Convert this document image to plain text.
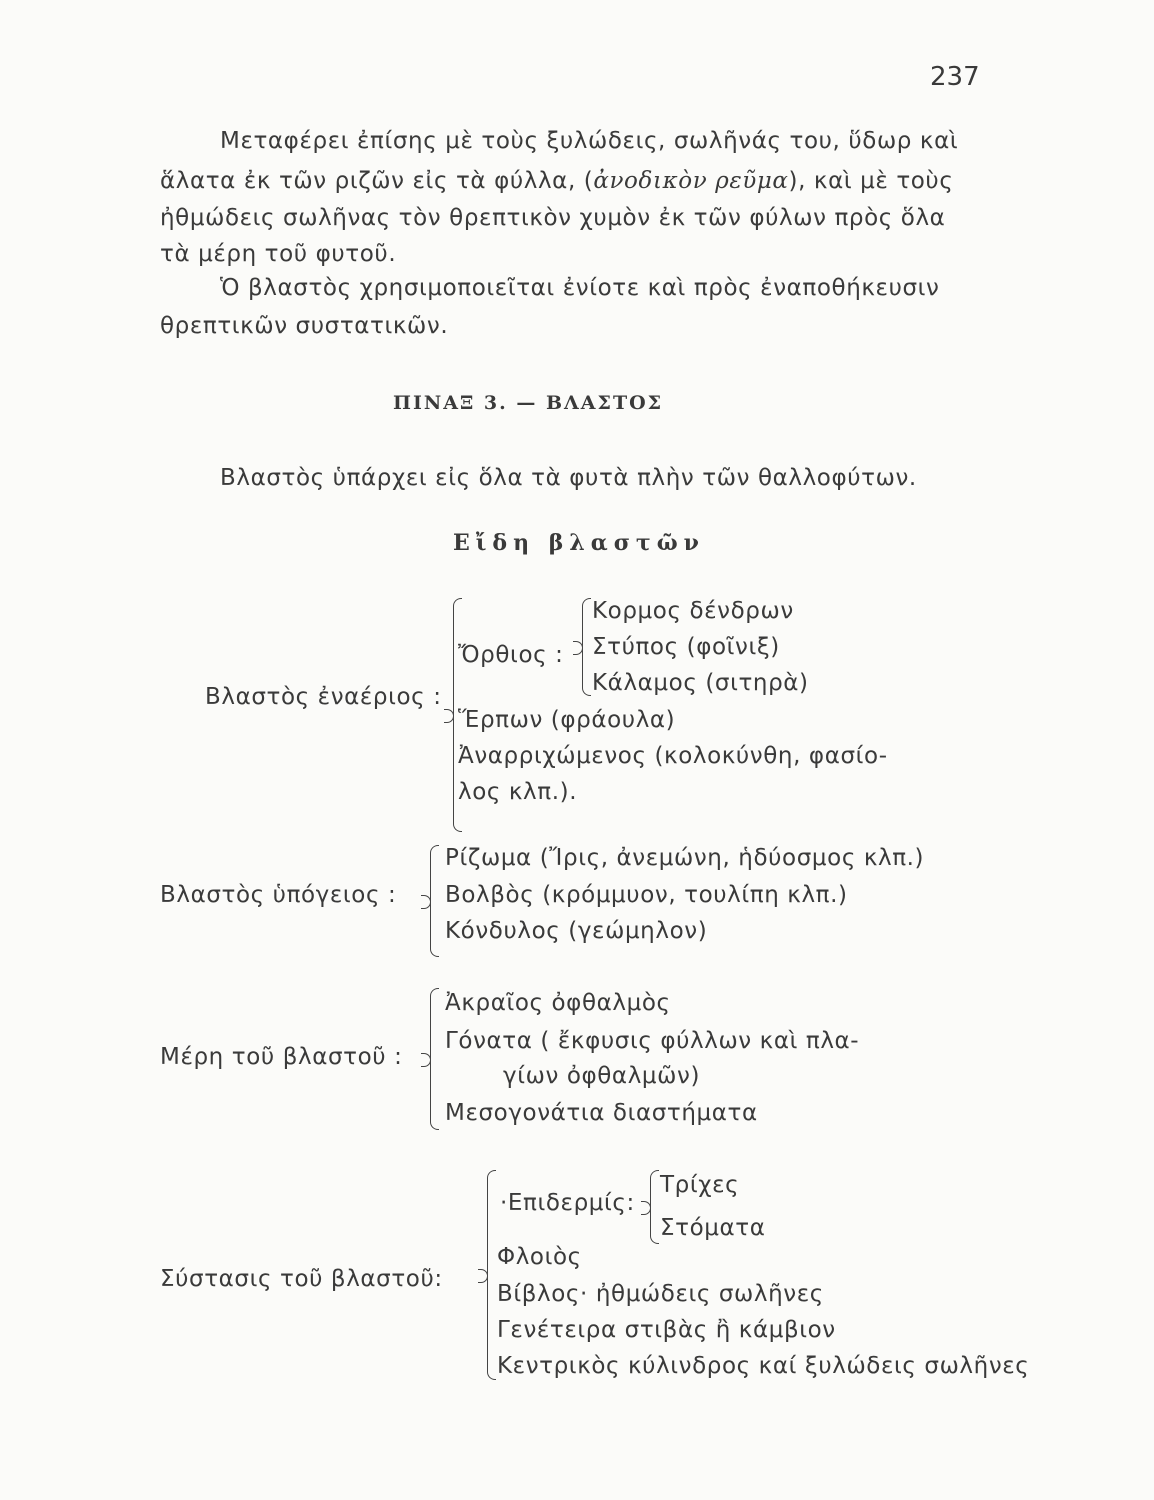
237
Μεταφέρει ἐπίσης μὲ τοὺς ξυλώδεις, σωλῆνάς του, ὕδωρ καὶ
ἅλατα ἐκ τῶν ριζῶν εἰς τὰ φύλλα, (ἀνοδικὸν ρεῦμα), καὶ μὲ τοὺς
ἠθμώδεις σωλῆνας τὸν θρεπτικὸν χυμὸν ἐκ τῶν φύλων πρὸς ὅλα
τὰ μέρη τοῦ φυτοῦ.
Ὁ βλαστὸς χρησιμοποιεῖται ἐνίοτε καὶ πρὸς ἐναποθήκευσιν
θρεπτικῶν συστατικῶν.
ΠΙΝΑΞ 3. — ΒΛΑΣΤΟΣ
Βλαστὸς ὑπάρχει εἰς ὅλα τὰ φυτὰ πλὴν τῶν θαλλοφύτων.
Εἴδη βλαστῶν
Βλαστὸς ἐναέριος :
Ὄρθιος :
Κορμος δένδρων
Στύπος (φοῖνιξ)
Κάλαμος (σιτηρὰ)
Ἕρπων (φράουλα)
Ἀναρριχώμενος (κολοκύνθη, φασίο-
λος κλπ.).
Βλαστὸς ὑπόγειος :
Ρίζωμα (Ἴρις, ἀνεμώνη, ἡδύοσμος κλπ.)
Βολβὸς (κρόμμυον, τουλίπη κλπ.)
Κόνδυλος (γεώμηλον)
Μέρη τοῦ βλαστοῦ :
Ἀκραῖος ὀφθαλμὸς
Γόνατα ( ἔκφυσις φύλλων καὶ πλα-
γίων ὀφθαλμῶν)
Μεσογονάτια διαστήματα
Σύστασις τοῦ βλαστοῦ:
·Επιδερμίς:
Τρίχες
Στόματα
Φλοιὸς
Βίβλος· ἠθμώδεις σωλῆνες
Γενέτειρα στιβὰς ἢ κάμβιον
Κεντρικὸς κύλινδρος καί ξυλώδεις σωλῆνες
